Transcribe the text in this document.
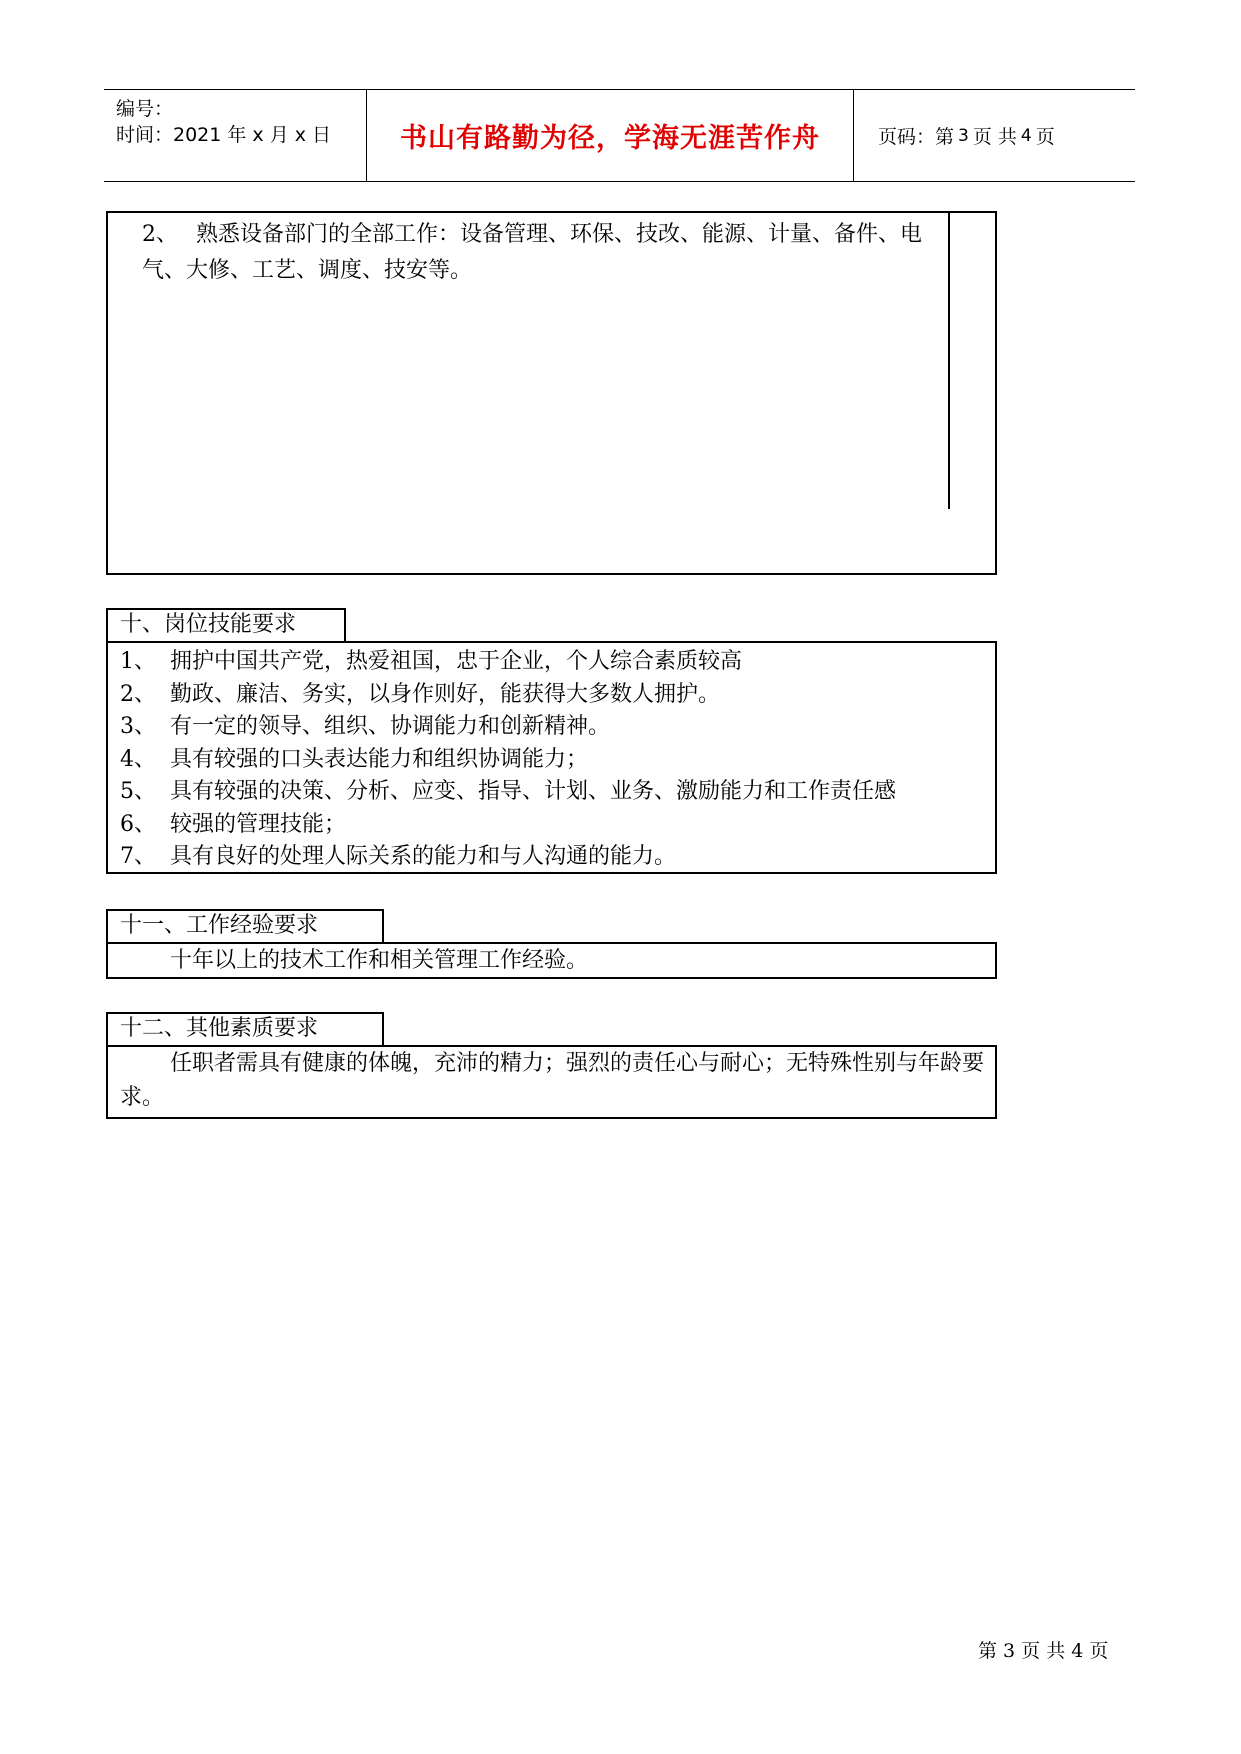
编号：
时间：2021 年 x 月 x 日	书山有路勤为径，学海无涯苦作舟	页码：第 3 页 共 4 页
2、 熟悉设备部门的全部工作：设备管理、环保、技改、能源、计量、备件、电气、大修、工艺、调度、技安等。
十、岗位技能要求
1、 拥护中国共产党，热爱祖国，忠于企业，个人综合素质较高
2、 勤政、廉洁、务实，以身作则好，能获得大多数人拥护。
3、 有一定的领导、组织、协调能力和创新精神。
4、 具有较强的口头表达能力和组织协调能力；
5、 具有较强的决策、分析、应变、指导、计划、业务、激励能力和工作责任感
6、 较强的管理技能；
7、 具有良好的处理人际关系的能力和与人沟通的能力。
十一、工作经验要求
十年以上的技术工作和相关管理工作经验。
十二、其他素质要求
任职者需具有健康的体魄，充沛的精力；强烈的责任心与耐心；无特殊性别与年龄要求。
第 3 页 共 4 页
